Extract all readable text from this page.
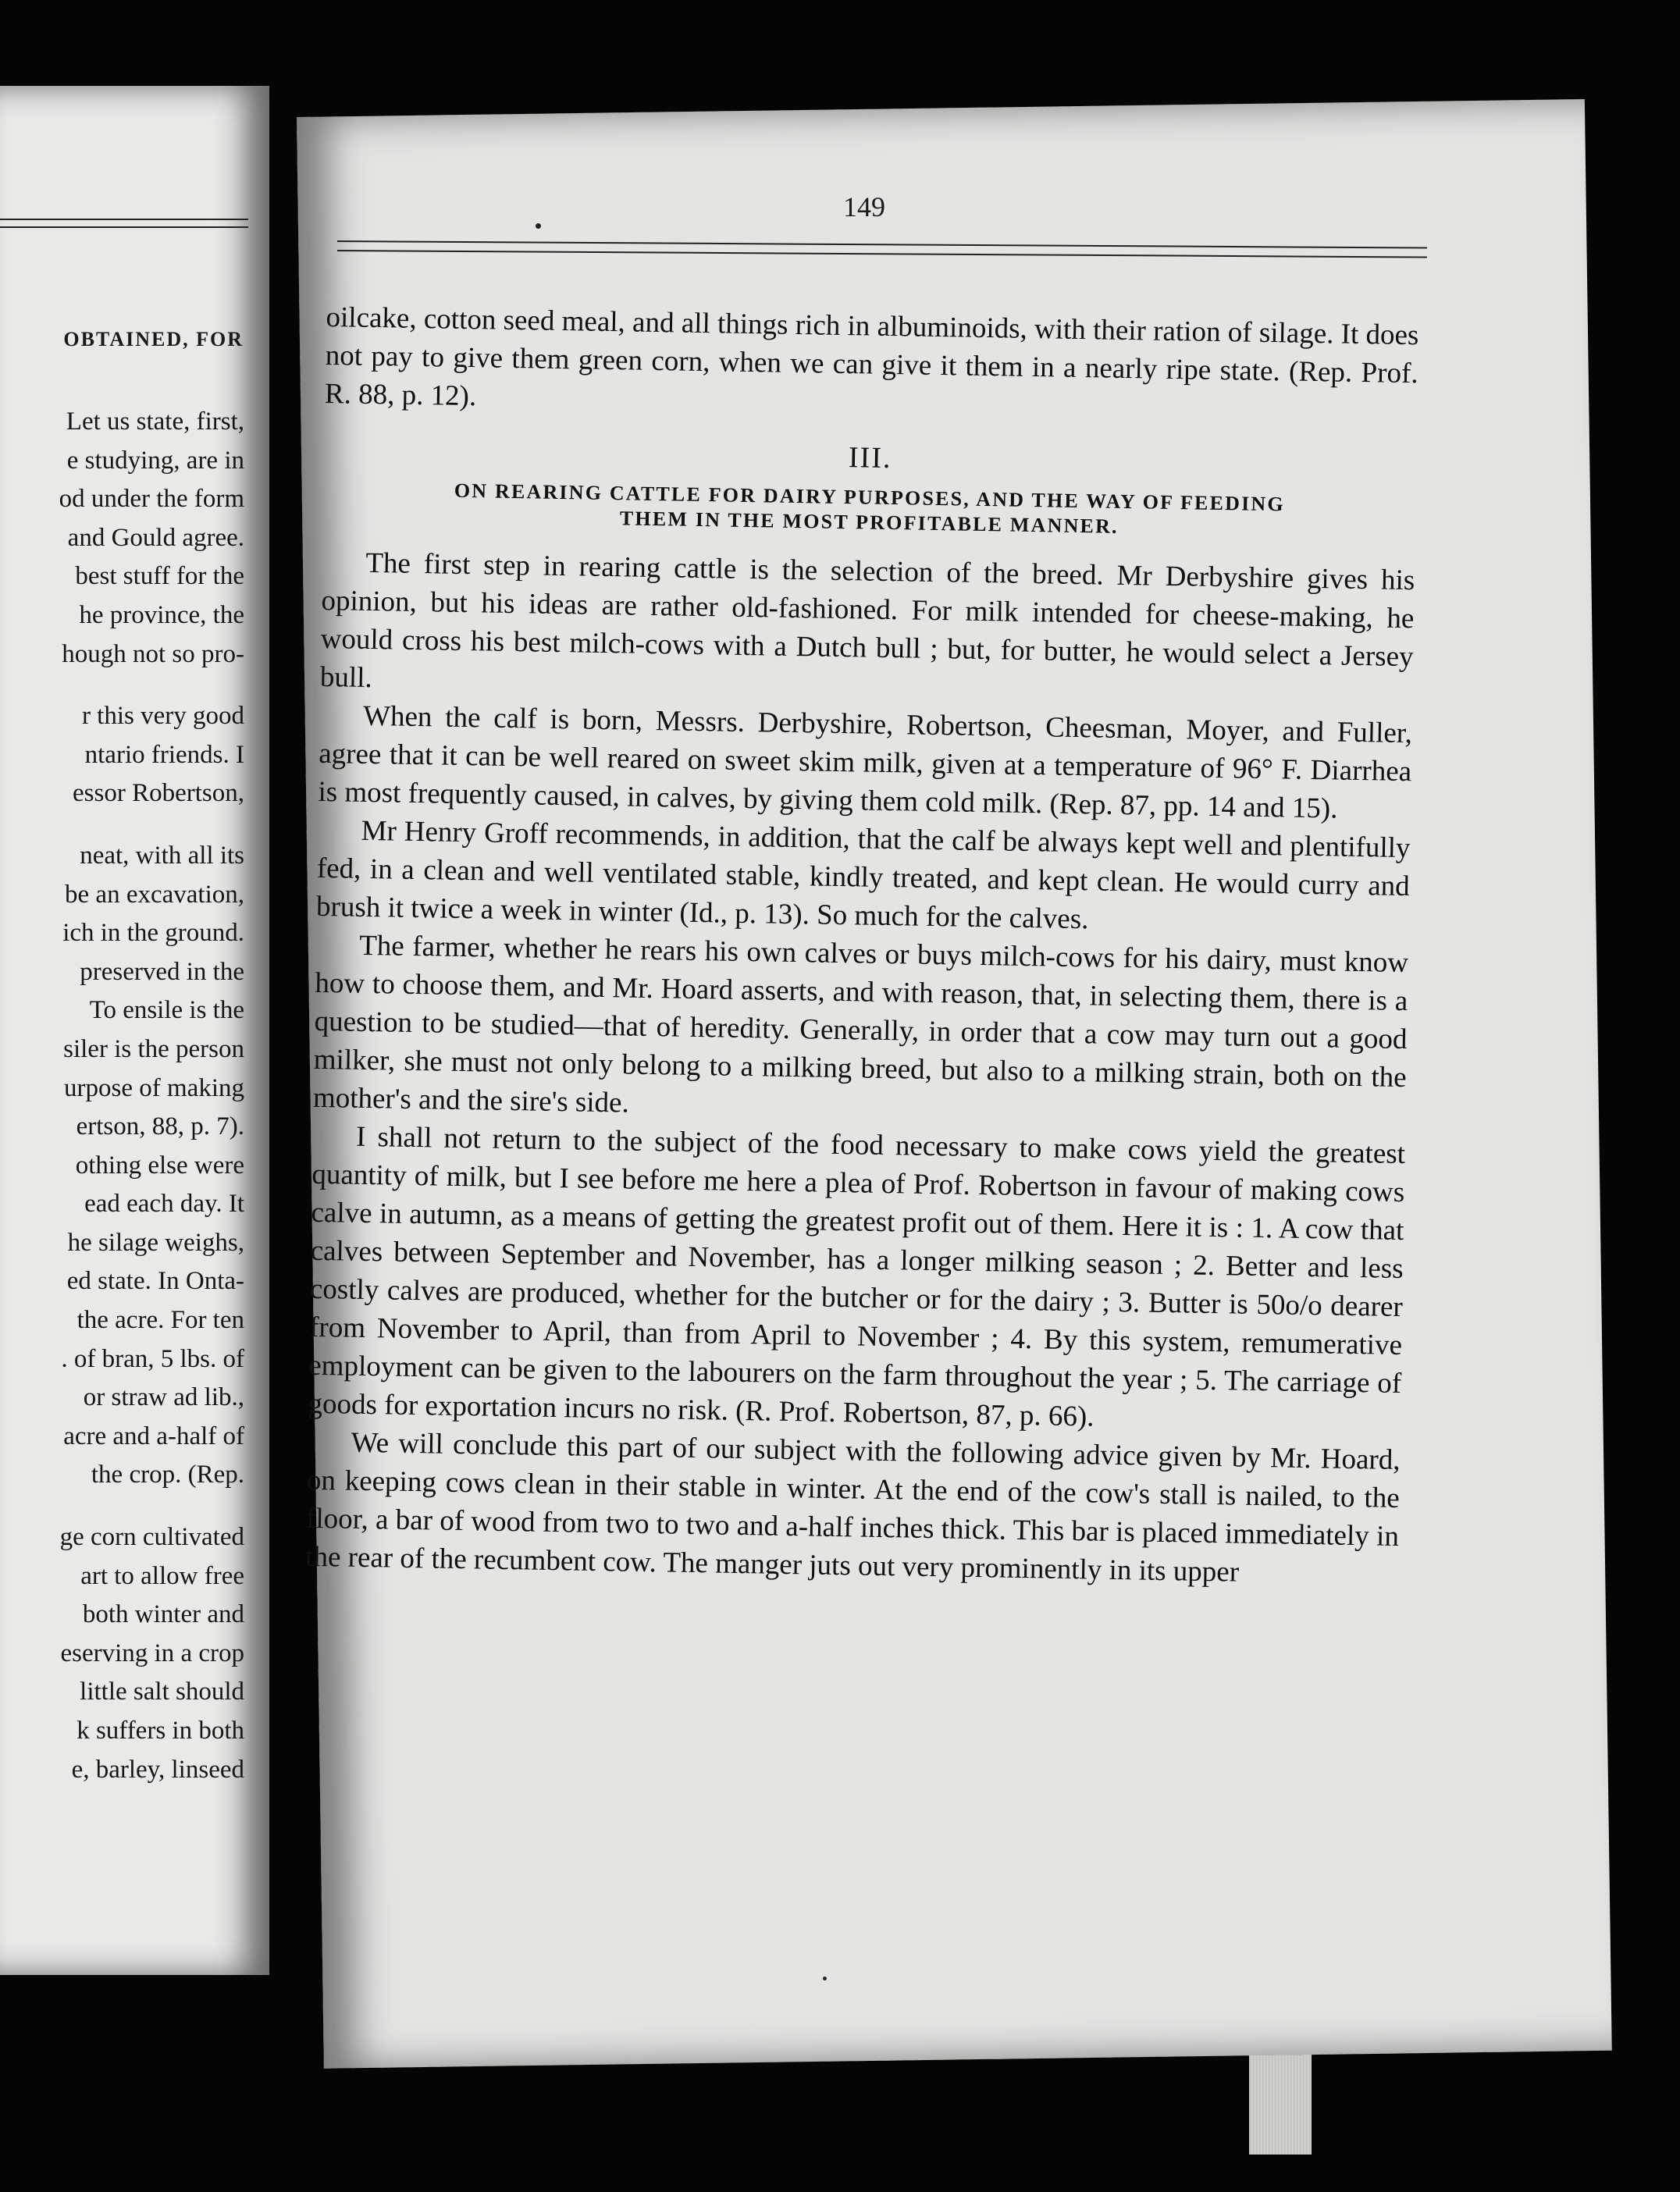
OBTAINED, FOR
Let us state, first,
e studying, are in
od under the form
and Gould agree.
best stuff for the
he province, the
hough not so pro-
r this very good
ntario friends. I
essor Robertson,
neat, with all its
be an excavation,
ich in the ground.
preserved in the
To ensile is the
siler is the person
urpose of making
ertson, 88, p. 7).
othing else were
ead each day. It
he silage weighs,
ed state. In Onta-
the acre. For ten
. of bran, 5 lbs. of
or straw ad lib.,
acre and a-half of
the crop. (Rep.
ge corn cultivated
art to allow free
both winter and
eserving in a crop
little salt should
k suffers in both
e, barley, linseed
149

oilcake, cotton seed meal, and all things rich in albuminoids, with their ration of silage. It does not pay to give them green corn, when we can give it them in a nearly ripe state. (Rep. Prof. R. 88, p. 12).

III.
ON REARING CATTLE FOR DAIRY PURPOSES, AND THE WAY OF FEEDING
THEM IN THE MOST PROFITABLE MANNER.

The first step in rearing cattle is the selection of the breed. Mr Derbyshire gives his opinion, but his ideas are rather old-fashioned. For milk intended for cheese-making, he would cross his best milch-cows with a Dutch bull ; but, for butter, he would select a Jersey bull.

When the calf is born, Messrs. Derbyshire, Robertson, Cheesman, Moyer, and Fuller, agree that it can be well reared on sweet skim milk, given at a temperature of 96° F. Diarrhea is most frequently caused, in calves, by giving them cold milk. (Rep. 87, pp. 14 and 15).

Mr Henry Groff recommends, in addition, that the calf be always kept well and plentifully fed, in a clean and well ventilated stable, kindly treated, and kept clean. He would curry and brush it twice a week in winter (Id., p. 13). So much for the calves.

The farmer, whether he rears his own calves or buys milch-cows for his dairy, must know how to choose them, and Mr. Hoard asserts, and with reason, that, in selecting them, there is a question to be studied—that of heredity. Generally, in order that a cow may turn out a good milker, she must not only belong to a milking breed, but also to a milking strain, both on the mother's and the sire's side.

I shall not return to the subject of the food necessary to make cows yield the greatest quantity of milk, but I see before me here a plea of Prof. Robertson in favour of making cows calve in autumn, as a means of getting the greatest profit out of them. Here it is : 1. A cow that calves between September and November, has a longer milking season ; 2. Better and less costly calves are produced, whether for the butcher or for the dairy ; 3. Butter is 50o/o dearer from November to April, than from April to November ; 4. By this system, remumerative employment can be given to the labourers on the farm throughout the year ; 5. The carriage of goods for exportation incurs no risk. (R. Prof. Robertson, 87, p. 66).

We will conclude this part of our subject with the following advice given by Mr. Hoard, on keeping cows clean in their stable in winter. At the end of the cow's stall is nailed, to the floor, a bar of wood from two to two and a-half inches thick. This bar is placed immediately in the rear of the recumbent cow. The manger juts out very prominently in its upper
